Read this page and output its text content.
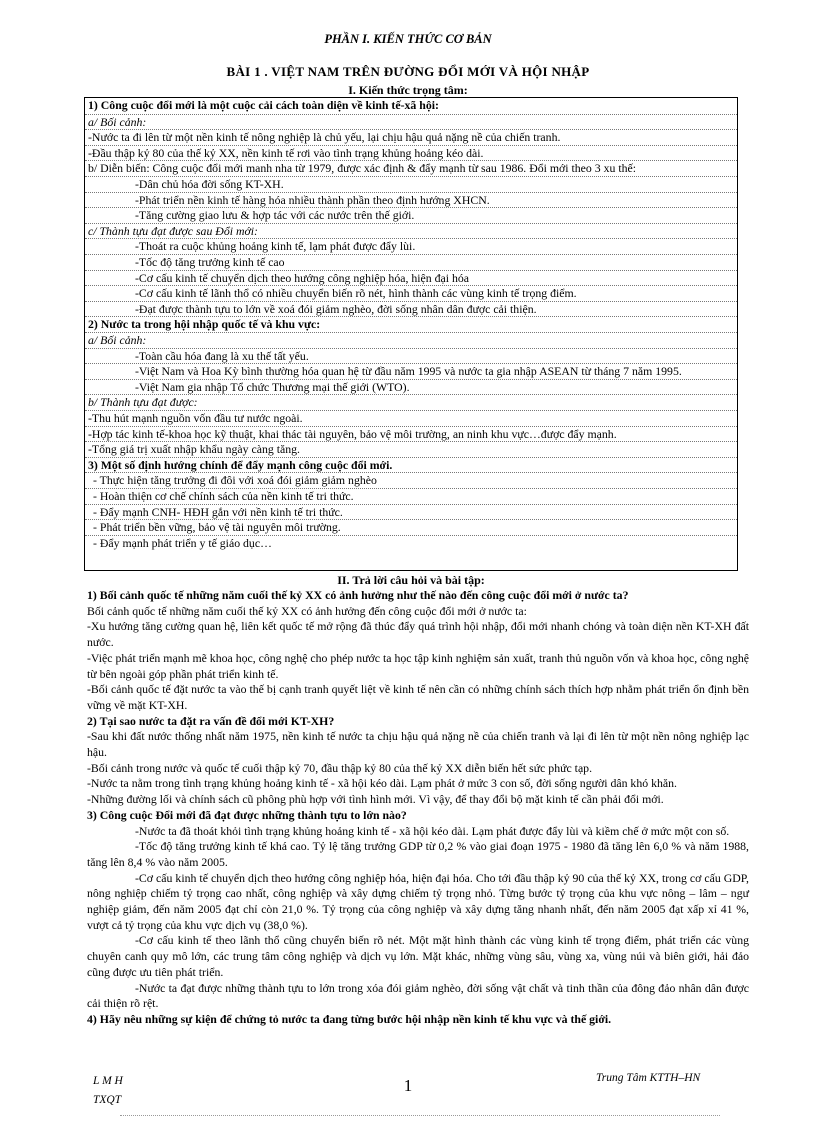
PHẦN I. KIẾN THỨC CƠ BẢN
BÀI 1 . VIỆT NAM TRÊN ĐƯỜNG ĐỔI MỚI VÀ HỘI NHẬP
I. Kiến thức trọng tâm:
1) Công cuộc đổi mới là một cuộc cải cách toàn diện về kinh tế-xã hội:
a/ Bối cảnh:
-Nước ta đi lên từ một nền kinh tế nông nghiệp là chủ yếu, lại chịu hậu quả nặng nề của chiến tranh.
-Đầu thập kỷ 80 của thế kỷ XX, nền kinh tế rơi vào tình trạng khủng hoảng kéo dài.
b/ Diễn biến: Công cuộc đổi mới manh nha từ 1979, được xác định & đẩy mạnh từ sau 1986. Đổi mới theo 3 xu thế:
-Dân chủ hóa đời sống KT-XH.
-Phát triển nền kinh tế hàng hóa nhiều thành phần theo định hướng XHCN.
-Tăng cường giao lưu & hợp tác với các nước trên thế giới.
c/ Thành tựu đạt được sau Đổi mới:
-Thoát ra cuộc khủng hoảng kinh tế, lạm phát được đẩy lùi.
-Tốc độ tăng trưởng kinh tế cao
-Cơ cấu kinh tế chuyển dịch theo hướng công nghiệp hóa, hiện đại hóa
-Cơ cấu kinh tế lãnh thổ có nhiều chuyển biến rõ nét, hình thành các vùng kinh tế trọng điểm.
-Đạt được thành tựu to lớn về xoá đói giảm nghèo, đời sống nhân dân được cải thiện.
2) Nước ta trong hội nhập quốc tế và khu vực:
a/ Bối cảnh:
-Toàn cầu hóa đang là xu thế tất yếu.
-Việt Nam và Hoa Kỳ bình thường hóa quan hệ từ đầu năm 1995 và nước ta gia nhập ASEAN từ tháng 7 năm 1995.
-Việt Nam gia nhập Tổ chức Thương mại thế giới (WTO).
b/ Thành tựu đạt được:
-Thu hút mạnh nguồn vốn đầu tư nước ngoài.
-Hợp tác kinh tế-khoa học kỹ thuật, khai thác tài nguyên, bảo vệ môi trường, an ninh khu vực…được đẩy mạnh.
-Tổng giá trị xuất nhập khẩu ngày càng tăng.
3) Một số định hướng chính để đẩy mạnh công cuộc đổi mới.
- Thực hiện tăng trưởng đi đôi với xoá đói giảm giảm nghèo
- Hoàn thiện cơ chế chính sách của nền kinh tế tri thức.
- Đẩy mạnh CNH- HĐH gắn với nền kinh tế tri thức.
- Phát triển bền vững, bảo vệ tài nguyên môi trường.
- Đẩy mạnh phát triển y tế giáo dục…
II. Trả lời câu hỏi và bài tập:

1) Bối cảnh quốc tế những năm cuối thế kỷ XX có ảnh hưởng như thế nào đến công cuộc đổi mới ở nước ta?

Bối cảnh quốc tế những năm cuối thế kỷ XX có ảnh hưởng đến công cuộc đổi mới ở nước ta:

-Xu hướng tăng cường quan hệ, liên kết quốc tế mở rộng đã thúc đẩy quá trình hội nhập, đổi mới nhanh chóng và toàn diện nền KT-XH đất nước.

-Việc phát triển mạnh mẽ khoa học, công nghệ cho phép nước ta học tập kinh nghiệm sản xuất, tranh thủ nguồn vốn và khoa học, công nghệ từ bên ngoài góp phần phát triển kinh tế.

-Bối cảnh quốc tế đặt nước ta vào thế bị cạnh tranh quyết liệt về kinh tế nên cần có những chính sách thích hợp nhằm phát triển ổn định bền vững về mặt KT-XH.

2) Tại sao nước ta đặt ra vấn đề đổi mới KT-XH?

-Sau khi đất nước thống nhất năm 1975, nền kinh tế nước ta chịu hậu quả nặng nề của chiến tranh và lại đi lên từ một nền nông nghiệp lạc hậu.

-Bối cảnh trong nước và quốc tế cuối thập kỷ 70, đầu thập kỷ 80 của thế kỷ XX diễn biến hết sức phức tạp.

-Nước ta nằm trong tình trạng khủng hoảng kinh tế - xã hội kéo dài. Lạm phát ở mức 3 con số, đời sống người dân khó khăn.

-Những đường lối và chính sách cũ phông phù hợp với tình hình mới. Vì vậy, để thay đổi bộ mặt kinh tế cần phải đổi mới.

3) Công cuộc Đổi mới đã đạt được những thành tựu to lớn nào?

-Nước ta đã thoát khỏi tình trạng khủng hoảng kinh tế - xã hội kéo dài. Lạm phát được đẩy lùi và kiềm chế ở mức một con số.

-Tốc độ tăng trưởng kinh tế khá cao. Tỷ lệ tăng trưởng GDP từ 0,2 % vào giai đoạn 1975 - 1980 đã tăng lên 6,0 % và năm 1988, tăng lên 8,4 % vào năm 2005.

-Cơ cấu kinh tế chuyển dịch theo hướng công nghiệp hóa, hiện đại hóa. Cho tới đầu thập kỷ 90 của thế kỷ XX, trong cơ cấu GDP, nông nghiệp chiếm tỷ trọng cao nhất, công nghiệp và xây dựng chiếm tỷ trọng nhỏ. Từng bước tỷ trọng của khu vực nông – lâm – ngư nghiệp giảm, đến năm 2005 đạt chỉ còn 21,0 %. Tỷ trọng của công nghiệp và xây dựng tăng nhanh nhất, đến năm 2005 đạt xấp xỉ 41 %, vượt cả tỷ trọng của khu vực dịch vụ (38,0 %).

-Cơ cấu kinh tế theo lãnh thổ cũng chuyển biến rõ nét. Một mặt hình thành các vùng kinh tế trọng điểm, phát triển các vùng chuyên canh quy mô lớn, các trung tâm công nghiệp và dịch vụ lớn. Mặt khác, những vùng sâu, vùng xa, vùng núi và biên giới, hải đảo cũng được ưu tiên phát triển.

-Nước ta đạt được những thành tựu to lớn trong xóa đói giảm nghèo, đời sống vật chất và tinh thần của đông đảo nhân dân được cải thiện rõ rệt.

4) Hãy nêu những sự kiện để chứng tỏ nước ta đang từng bước hội nhập nền kinh tế khu vực và thế giới.

L M H
TXQT
1	Trung Tâm KTTH–HN
